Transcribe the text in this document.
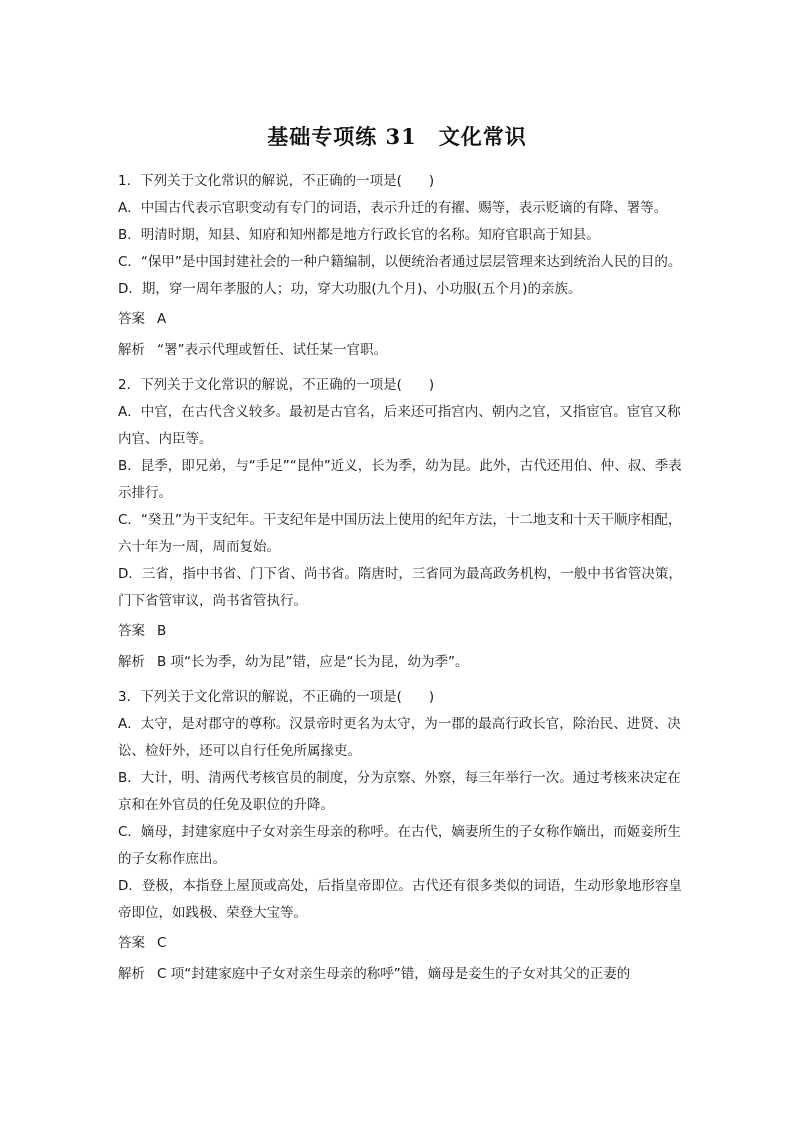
基础专项练 31　文化常识

1．下列关于文化常识的解说，不正确的一项是(　　)

A．中国古代表示官职变动有专门的词语，表示升迁的有擢、赐等，表示贬谪的有降、署等。

B．明清时期，知县、知府和知州都是地方行政长官的名称。知府官职高于知县。

C．“保甲”是中国封建社会的一种户籍编制，以便统治者通过层层管理来达到统治人民的目的。

D．期，穿一周年孝服的人；功，穿大功服(九个月)、小功服(五个月)的亲族。

答案 A

解析 “署”表示代理或暂任、试任某一官职。

2．下列关于文化常识的解说，不正确的一项是(　　)

A．中官，在古代含义较多。最初是古官名，后来还可指宫内、朝内之官，又指宦官。宦官又称内官、内臣等。

B．昆季，即兄弟，与“手足”“昆仲”近义，长为季，幼为昆。此外，古代还用伯、仲、叔、季表示排行。

C．“癸丑”为干支纪年。干支纪年是中国历法上使用的纪年方法，十二地支和十天干顺序相配，六十年为一周，周而复始。

D．三省，指中书省、门下省、尚书省。隋唐时，三省同为最高政务机构，一般中书省管决策，门下省管审议，尚书省管执行。

答案 B

解析 B 项“长为季，幼为昆”错，应是“长为昆，幼为季”。

3．下列关于文化常识的解说，不正确的一项是(　　)

A．太守，是对郡守的尊称。汉景帝时更名为太守，为一郡的最高行政长官，除治民、进贤、决讼、检奸外，还可以自行任免所属掾吏。

B．大计，明、清两代考核官员的制度，分为京察、外察，每三年举行一次。通过考核来决定在京和在外官员的任免及职位的升降。

C．嫡母，封建家庭中子女对亲生母亲的称呼。在古代，嫡妻所生的子女称作嫡出，而姬妾所生的子女称作庶出。

D．登极，本指登上屋顶或高处，后指皇帝即位。古代还有很多类似的词语，生动形象地形容皇帝即位，如践极、荣登大宝等。

答案 C

解析 C 项“封建家庭中子女对亲生母亲的称呼”错，嫡母是妾生的子女对其父的正妻的
